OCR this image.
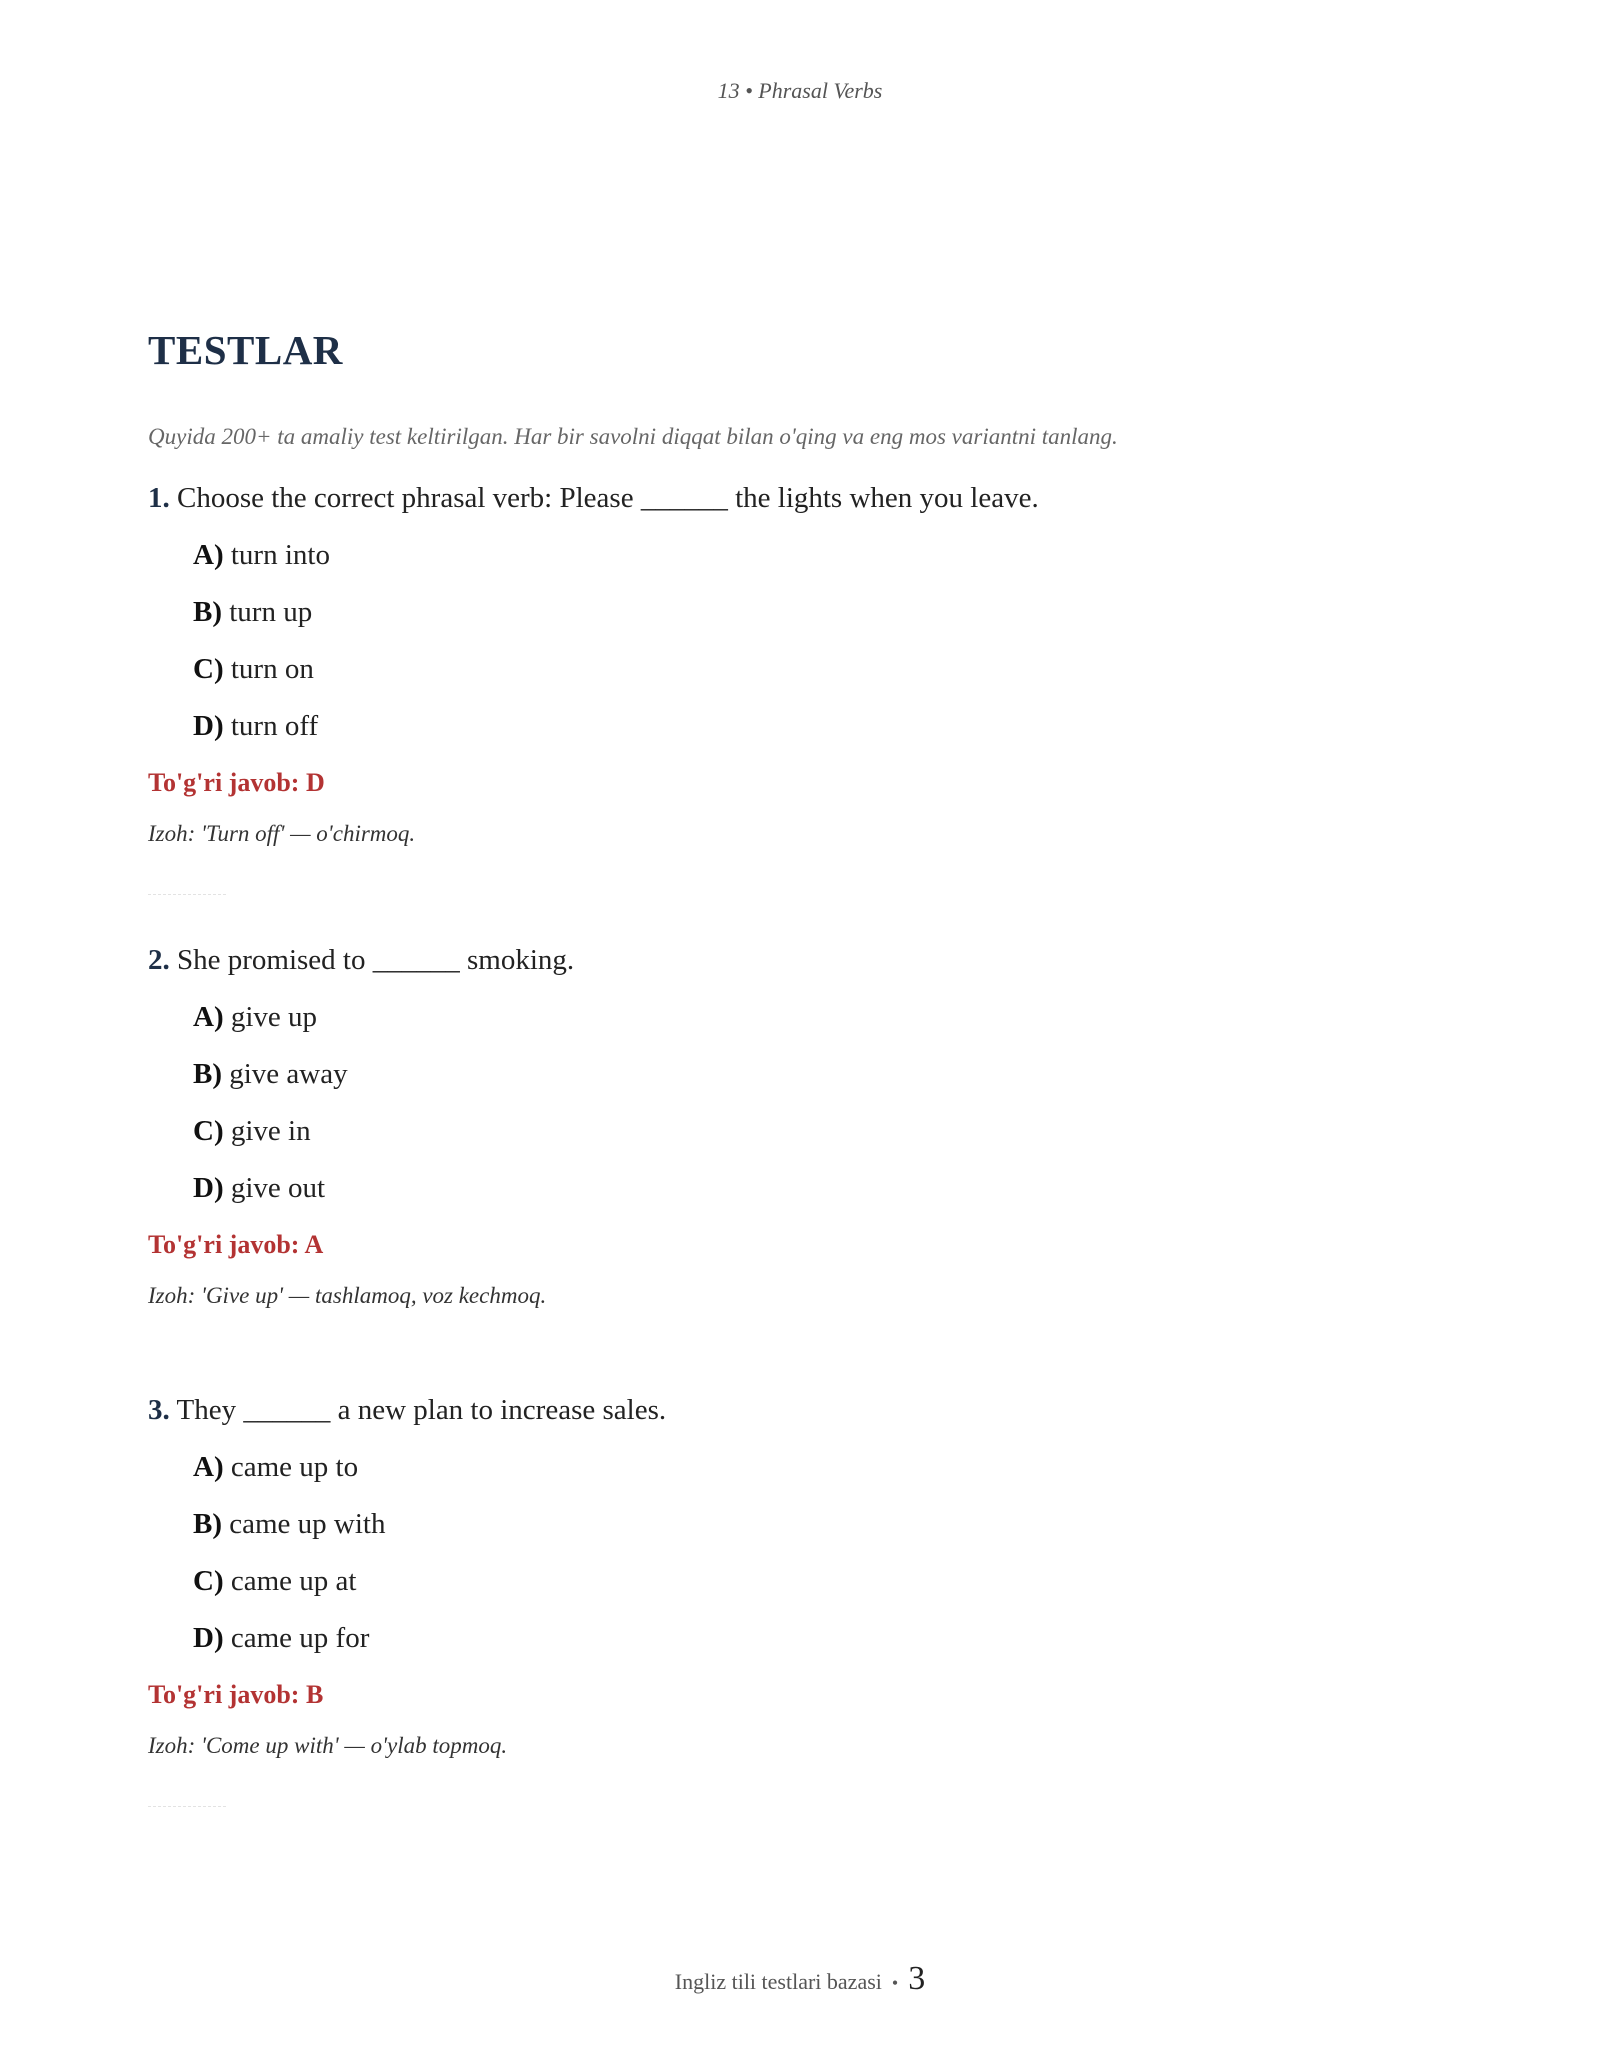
13 • Phrasal Verbs
TESTLAR

Quyida 200+ ta amaliy test keltirilgan. Har bir savolni diqqat bilan o'qing va eng mos variantni tanlang.

1. Choose the correct phrasal verb: Please ______ the lights when you leave.

A) turn into
B) turn up
C) turn on
D) turn off

To'g'ri javob: D

Izoh: 'Turn off' — o'chirmoq.

2. She promised to ______ smoking.

A) give up
B) give away
C) give in
D) give out

To'g'ri javob: A

Izoh: 'Give up' — tashlamoq, voz kechmoq.

3. They ______ a new plan to increase sales.

A) came up to
B) came up with
C) came up at
D) came up for

To'g'ri javob: B

Izoh: 'Come up with' — o'ylab topmoq.

Ingliz tili testlari bazasi • 3
